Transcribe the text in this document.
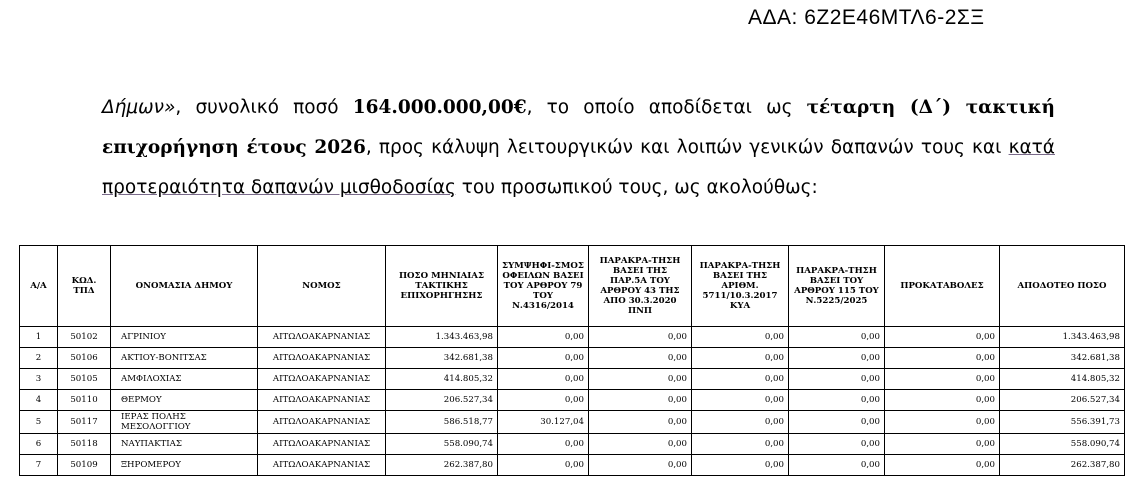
ΑΔΑ: 6Ζ2Ε46ΜΤΛ6-2ΣΞ
Δήμων», συνολικό ποσό 164.000.000,00€, το οποίο αποδίδεται ως τέταρτη (Δ΄) τακτική επιχορήγηση έτους 2026, προς κάλυψη λειτουργικών και λοιπών γενικών δαπανών τους και κατά προτεραιότητα δαπανών μισθοδοσίας του προσωπικού τους, ως ακολούθως:
Α/Α	ΚΩΔ. ΤΠΔ	ΟΝΟΜΑΣΙΑ ΔΗΜΟΥ	ΝΟΜΟΣ	ΠΟΣΟ ΜΗΝΙΑΙΑΣ ΤΑΚΤΙΚΗΣ ΕΠΙΧΟΡΗΓΗΣΗΣ	ΣΥΜΨΗΦΙ-ΣΜΟΣ ΟΦΕΙΛΩΝ ΒΑΣΕΙ ΤΟΥ ΑΡΘΡΟΥ 79 ΤΟΥ Ν.4316/2014	ΠΑΡΑΚΡΑ-ΤΗΣΗ ΒΑΣΕΙ ΤΗΣ ΠΑΡ.5Α ΤΟΥ ΑΡΘΡΟΥ 43 ΤΗΣ ΑΠΟ 30.3.2020 ΠΝΠ	ΠΑΡΑΚΡΑ-ΤΗΣΗ ΒΑΣΕΙ ΤΗΣ ΑΡΙΘΜ. 5711/10.3.2017 ΚΥΑ	ΠΑΡΑΚΡΑ-ΤΗΣΗ ΒΑΣΕΙ ΤΟΥ ΑΡΘΡΟΥ 115 ΤΟΥ Ν.5225/2025	ΠΡΟΚΑΤΑΒΟΛΕΣ	ΑΠΟΔΟΤΕΟ ΠΟΣΟ
1	50102	ΑΓΡΙΝΙΟΥ	ΑΙΤΩΛΟΑΚΑΡΝΑΝΙΑΣ	1.343.463,98	0,00	0,00	0,00	0,00	0,00	1.343.463,98
2	50106	ΑΚΤΙΟΥ-ΒΟΝΙΤΣΑΣ	ΑΙΤΩΛΟΑΚΑΡΝΑΝΙΑΣ	342.681,38	0,00	0,00	0,00	0,00	0,00	342.681,38
3	50105	ΑΜΦΙΛΟΧΙΑΣ	ΑΙΤΩΛΟΑΚΑΡΝΑΝΙΑΣ	414.805,32	0,00	0,00	0,00	0,00	0,00	414.805,32
4	50110	ΘΕΡΜΟΥ	ΑΙΤΩΛΟΑΚΑΡΝΑΝΙΑΣ	206.527,34	0,00	0,00	0,00	0,00	0,00	206.527,34
5	50117	ΙΕΡΑΣ ΠΟΛΗΣ ΜΕΣΟΛΟΓΓΙΟΥ	ΑΙΤΩΛΟΑΚΑΡΝΑΝΙΑΣ	586.518,77	30.127,04	0,00	0,00	0,00	0,00	556.391,73
6	50118	ΝΑΥΠΑΚΤΙΑΣ	ΑΙΤΩΛΟΑΚΑΡΝΑΝΙΑΣ	558.090,74	0,00	0,00	0,00	0,00	0,00	558.090,74
7	50109	ΞΗΡΟΜΕΡΟΥ	ΑΙΤΩΛΟΑΚΑΡΝΑΝΙΑΣ	262.387,80	0,00	0,00	0,00	0,00	0,00	262.387,80
